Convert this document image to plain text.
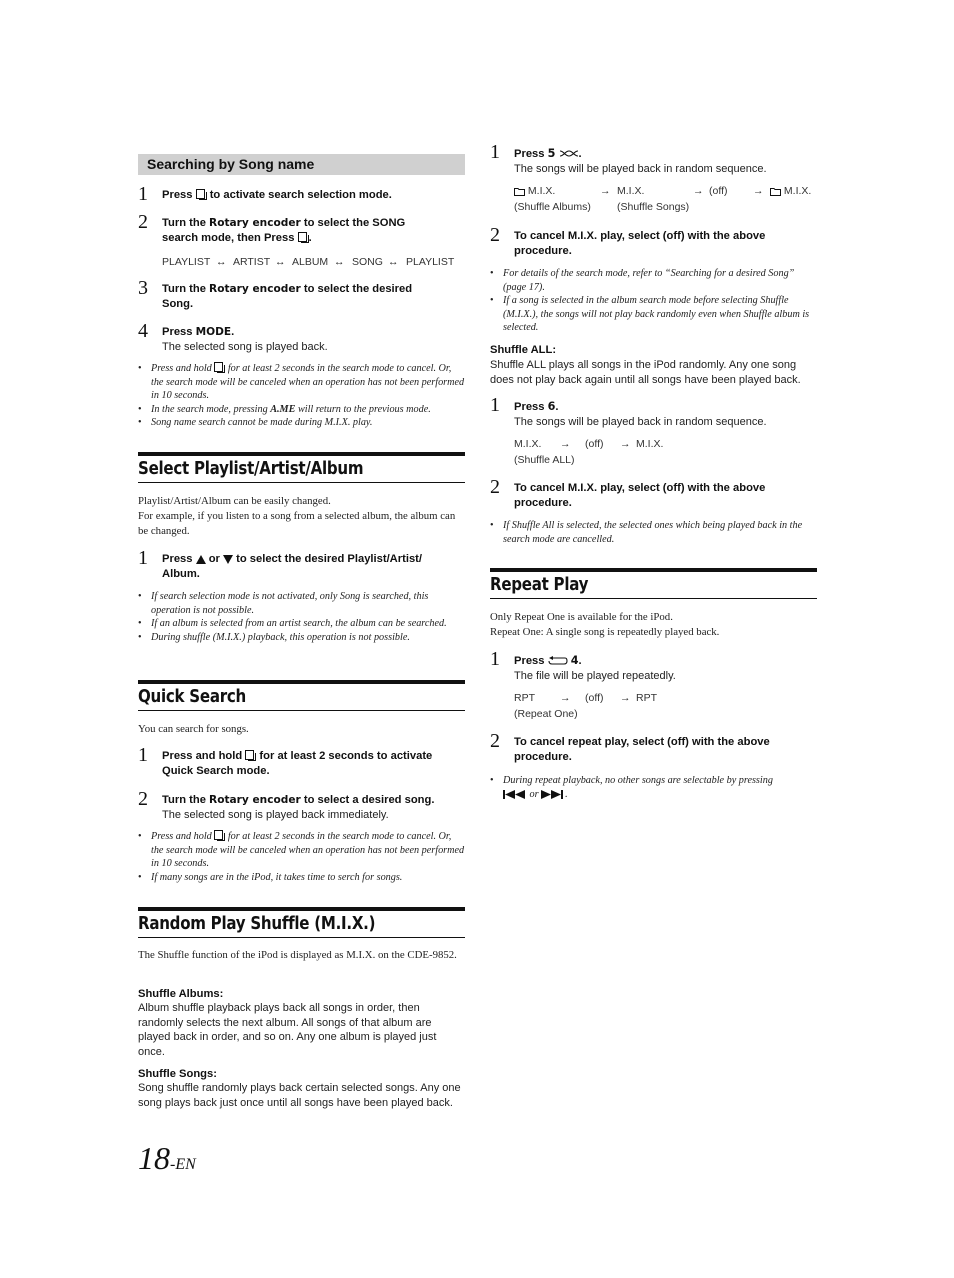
Searching by Song name
1 Press to activate search selection mode.
2 Turn the Rotary encoder to select the SONG
search mode, then Press .
PLAYLIST ↔ ARTIST ↔ ALBUM ↔ SONG ↔ PLAYLIST
3 Turn the Rotary encoder to select the desired
Song.
4 Press MODE.
The selected song is played back.
• Press and hold for at least 2 seconds in the search mode to cancel. Or, the search mode will be canceled when an operation has not been performed in 10 seconds.
• In the search mode, pressing A.ME will return to the previous mode.
• Song name search cannot be made during M.I.X. play.
Select Playlist/Artist/Album
Playlist/Artist/Album can be easily changed.
For example, if you listen to a song from a selected album, the album can be changed.
1 Press or to select the desired Playlist/Artist/
Album.
• If search selection mode is not activated, only Song is searched, this operation is not possible.
• If an album is selected from an artist search, the album can be searched.
• During shuffle (M.I.X.) playback, this operation is not possible.
Quick Search
You can search for songs.
1 Press and hold for at least 2 seconds to activate
Quick Search mode.
2 Turn the Rotary encoder to select a desired song.
The selected song is played back immediately.
• Press and hold for at least 2 seconds in the search mode to cancel. Or, the search mode will be canceled when an operation has not been performed in 10 seconds.
• If many songs are in the iPod, it takes time to serch for songs.
Random Play Shuffle (M.I.X.)
The Shuffle function of the iPod is displayed as M.I.X. on the CDE-9852.
Shuffle Albums:
Album shuffle playback plays back all songs in order, then randomly selects the next album. All songs of that album are played back in order, and so on. Any one album is played just once.
Shuffle Songs:
Song shuffle randomly plays back certain selected songs. Any one song plays back just once until all songs have been played back.
1 Press 5 .
The songs will be played back in random sequence.
M.I.X.	→ M.I.X.	→ (off) →	M.I.X.
(Shuffle Albums) (Shuffle Songs)
2 To cancel M.I.X. play, select (off) with the above
procedure.
• For details of the search mode, refer to “Searching for a desired Song” (page 17).
• If a song is selected in the album search mode before selecting Shuffle (M.I.X.), the songs will not play back randomly even when Shuffle album is selected.
Shuffle ALL:
Shuffle ALL plays all songs in the iPod randomly. Any one song does not play back again until all songs have been played back.
1 Press 6.
The songs will be played back in random sequence.
M.I.X. → (off) → M.I.X.
(Shuffle ALL)
2 To cancel M.I.X. play, select (off) with the above
procedure.
• If Shuffle All is selected, the selected ones which being played back in the search mode are cancelled.
Repeat Play
Only Repeat One is available for the iPod.
Repeat One: A single song is repeatedly played back.
1 Press 4.
The file will be played repeatedly.
RPT → (off) → RPT
(Repeat One)
2 To cancel repeat play, select (off) with the above
procedure.
• During repeat playback, no other songs are selectable by pressing
or	.
18-EN
